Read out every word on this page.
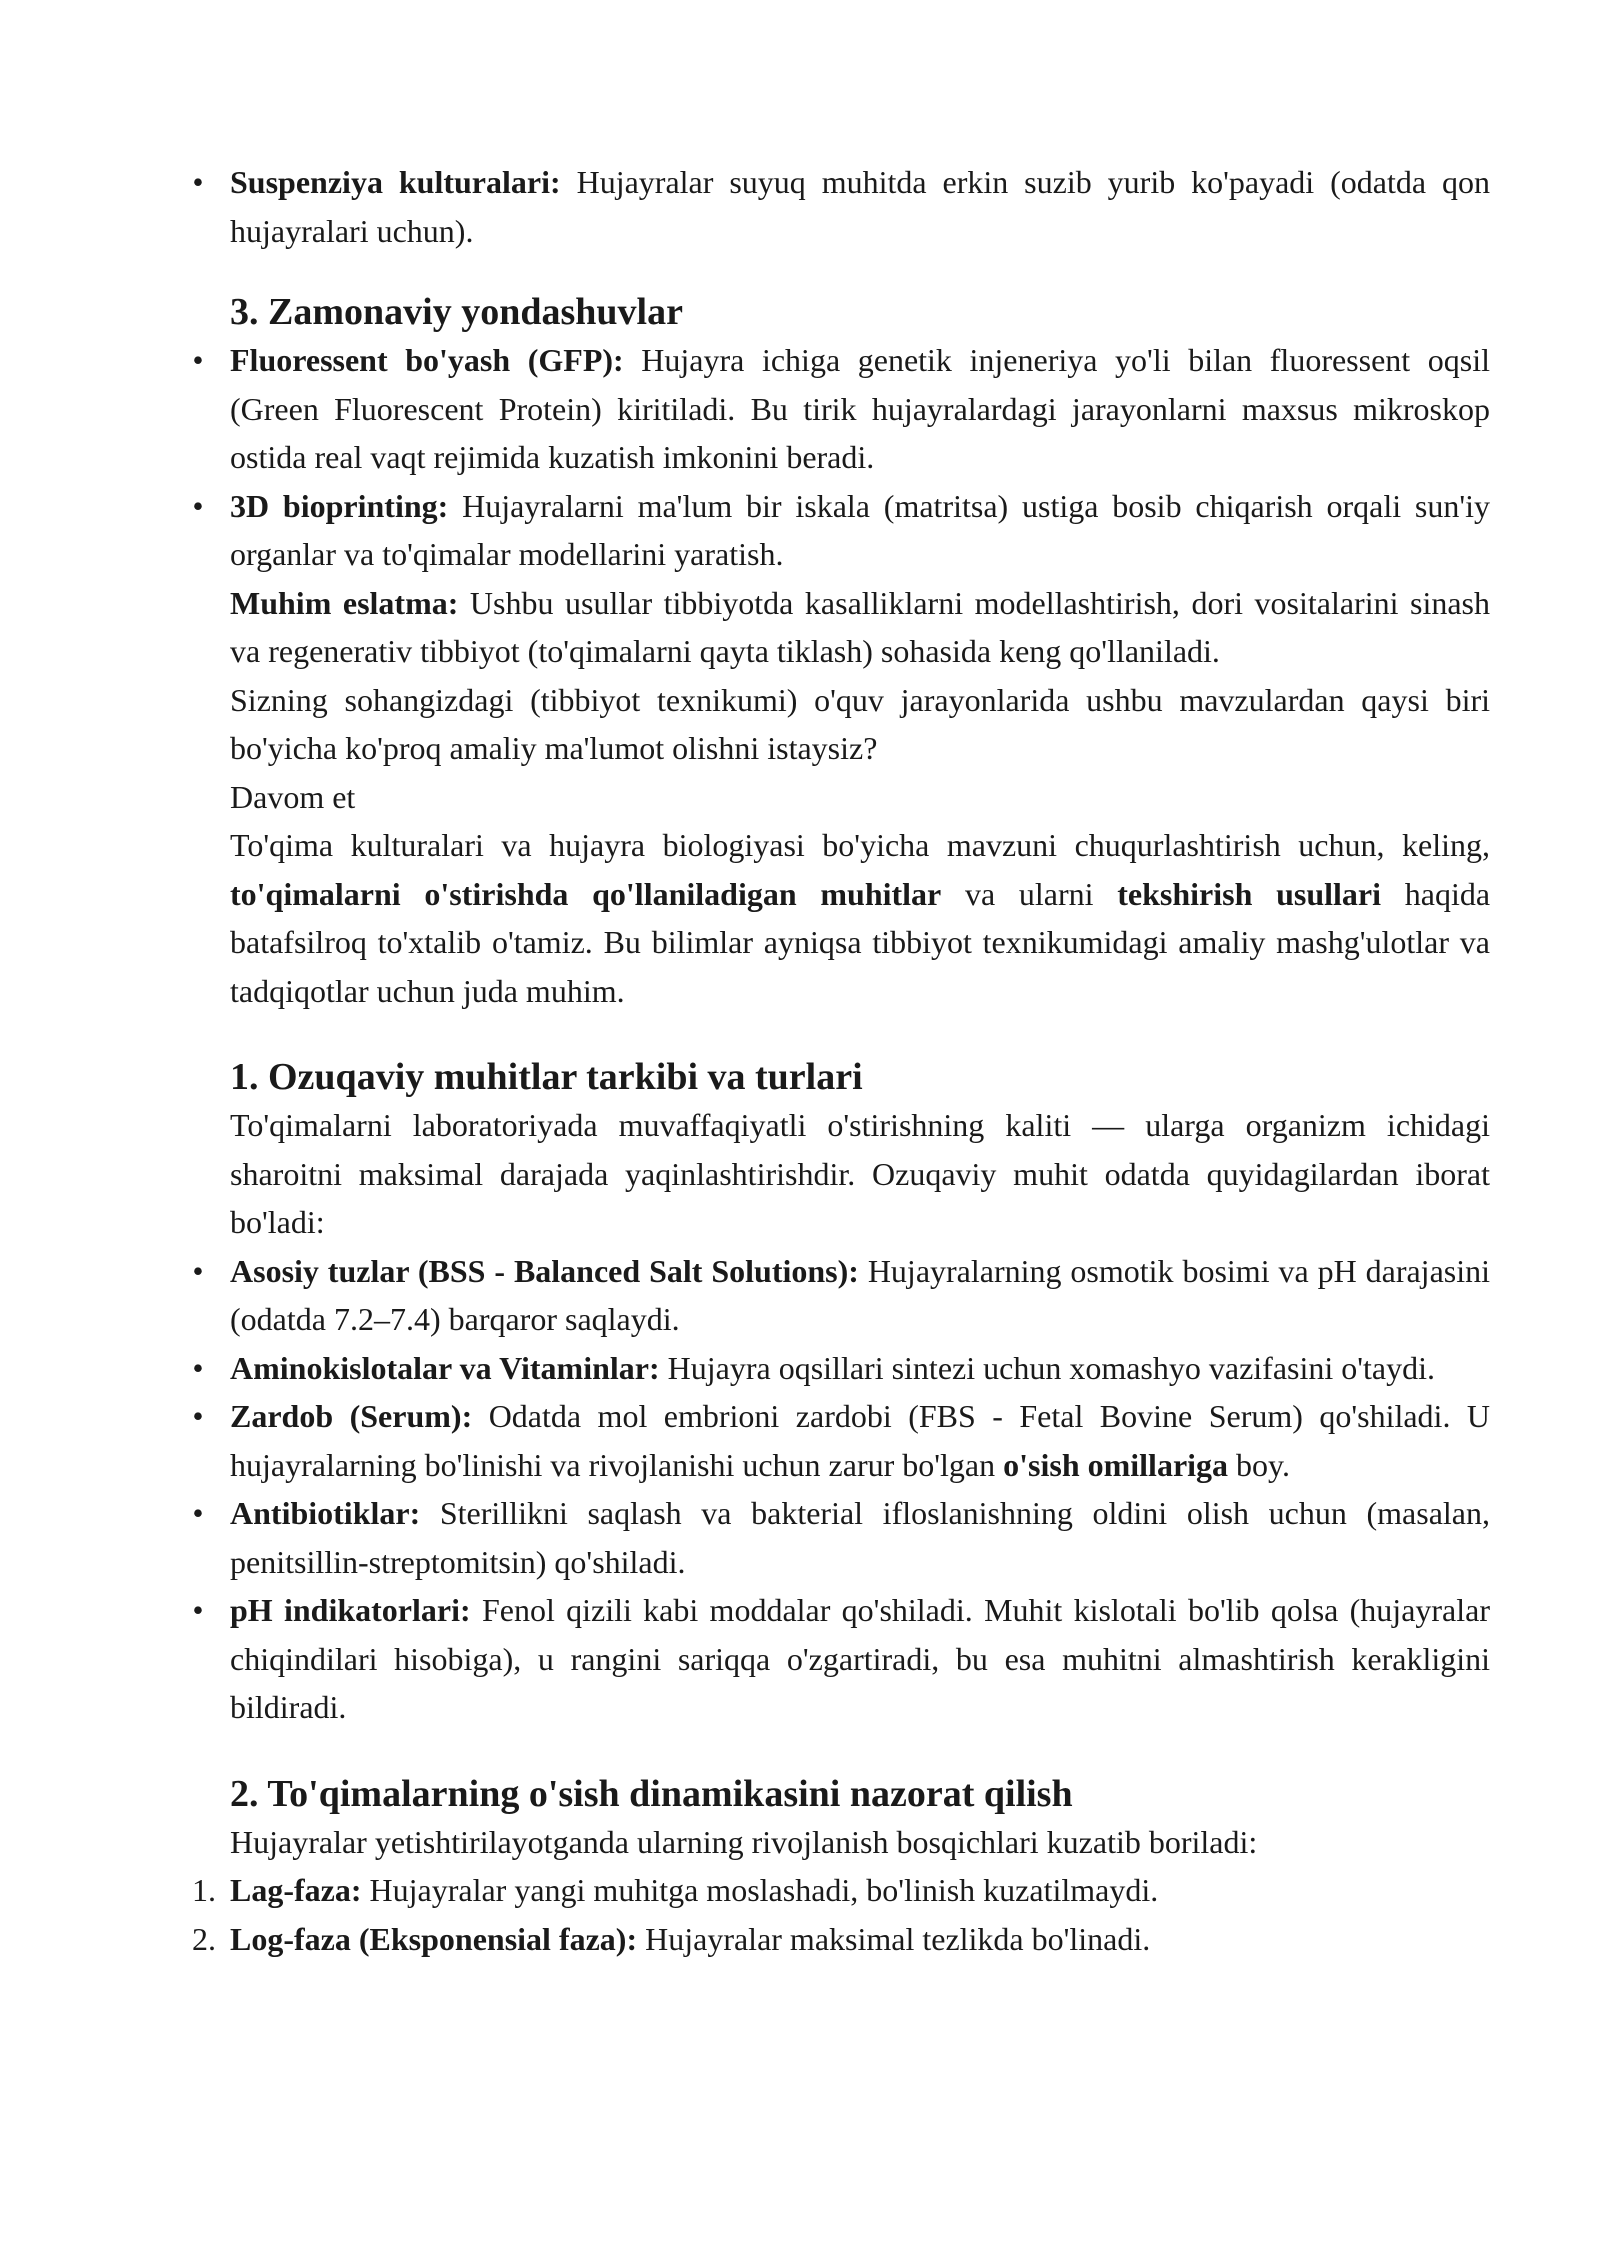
• Suspenziya kulturalari: Hujayralar suyuq muhitda erkin suzib yurib ko'payadi (odatda qon hujayralari uchun).
3. Zamonaviy yondashuvlar
• Fluoressent bo'yash (GFP): Hujayra ichiga genetik injeneriya yo'li bilan fluoressent oqsil (Green Fluorescent Protein) kiritiladi. Bu tirik hujayralardagi jarayonlarni maxsus mikroskop ostida real vaqt rejimida kuzatish imkonini beradi.
• 3D bioprinting: Hujayralarni ma'lum bir iskala (matritsa) ustiga bosib chiqarish orqali sun'iy organlar va to'qimalar modellarini yaratish.

Muhim eslatma: Ushbu usullar tibbiyotda kasalliklarni modellashtirish, dori vositalarini sinash va regenerativ tibbiyot (to'qimalarni qayta tiklash) sohasida keng qo'llaniladi.

Sizning sohangizdagi (tibbiyot texnikumi) o'quv jarayonlarida ushbu mavzulardan qaysi biri bo'yicha ko'proq amaliy ma'lumot olishni istaysiz?

Davom et

To'qima kulturalari va hujayra biologiyasi bo'yicha mavzuni chuqurlashtirish uchun, keling, to'qimalarni o'stirishda qo'llaniladigan muhitlar va ularni tekshirish usullari haqida batafsilroq to'xtalib o'tamiz. Bu bilimlar ayniqsa tibbiyot texnikumidagi amaliy mashg'ulotlar va tadqiqotlar uchun juda muhim.

1. Ozuqaviy muhitlar tarkibi va turlari

To'qimalarni laboratoriyada muvaffaqiyatli o'stirishning kaliti — ularga organizm ichidagi sharoitni maksimal darajada yaqinlashtirishdir. Ozuqaviy muhit odatda quyidagilardan iborat bo'ladi:

• Asosiy tuzlar (BSS - Balanced Salt Solutions): Hujayralarning osmotik bosimi va pH darajasini (odatda 7.2–7.4) barqaror saqlaydi.
• Aminokislotalar va Vitaminlar: Hujayra oqsillari sintezi uchun xomashyo vazifasini o'taydi.
• Zardob (Serum): Odatda mol embrioni zardobi (FBS - Fetal Bovine Serum) qo'shiladi. U hujayralarning bo'linishi va rivojlanishi uchun zarur bo'lgan o'sish omillariga boy.
• Antibiotiklar: Sterillikni saqlash va bakterial ifloslanishning oldini olish uchun (masalan, penitsillin-streptomitsin) qo'shiladi.
• pH indikatorlari: Fenol qizili kabi moddalar qo'shiladi. Muhit kislotali bo'lib qolsa (hujayralar chiqindilari hisobiga), u rangini sariqqa o'zgartiradi, bu esa muhitni almashtirish kerakligini bildiradi.
2. To'qimalarning o'sish dinamikasini nazorat qilish

Hujayralar yetishtirilayotganda ularning rivojlanish bosqichlari kuzatib boriladi:

1. Lag-faza: Hujayralar yangi muhitga moslashadi, bo'linish kuzatilmaydi.
2. Log-faza (Eksponensial faza): Hujayralar maksimal tezlikda bo'linadi.
